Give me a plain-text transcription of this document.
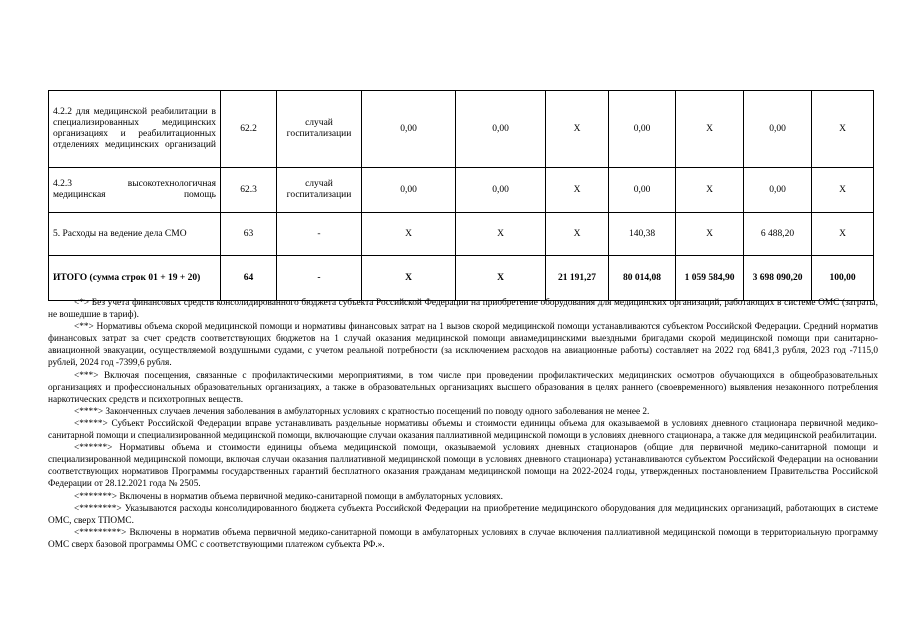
4.2.2 для медицинской реабилитации в специализированных медицинских организациях и реабилитационных отделениях медицинских организаций	62.2	случай госпитализации	0,00	0,00	X	0,00	X	0,00	X
4.2.3 высокотехнологичная медицинская помощь	62.3	случай госпитализации	0,00	0,00	X	0,00	X	0,00	X
5. Расходы на ведение дела СМО	63	-	X	X	X	140,38	X	6 488,20	X
ИТОГО (сумма строк 01 + 19 + 20)	64	-	X	X	21 191,27	80 014,08	1 059 584,90	3 698 090,20	100,00

<*> Без учета финансовых средств консолидированного бюджета субъекта Российской Федерации на приобретение оборудования для медицинских организаций, работающих в системе ОМС (затраты, не вошедшие в тариф).

<**> Нормативы объема скорой медицинской помощи и нормативы финансовых затрат на 1 вызов скорой медицинской помощи устанавливаются субъектом Российской Федерации. Средний норматив финансовых затрат за счет средств соответствующих бюджетов на 1 случай оказания медицинской помощи авиамедицинскими выездными бригадами скорой медицинской помощи при санитарно-авиационной эвакуации, осуществляемой воздушными судами, с учетом реальной потребности (за исключением расходов на авиационные работы) составляет на 2022 год 6841,3 рубля, 2023 год -7115,0 рублей, 2024 год -7399,6 рубля.

<***> Включая посещения, связанные с профилактическими мероприятиями, в том числе при проведении профилактических медицинских осмотров обучающихся в общеобразовательных организациях и профессиональных образовательных организациях, а также в образовательных организациях высшего образования в целях раннего (своевременного) выявления незаконного потребления наркотических средств и психотропных веществ.

<****> Законченных случаев лечения заболевания в амбулаторных условиях с кратностью посещений по поводу одного заболевания не менее 2.

<*****> Субъект Российской Федерации вправе устанавливать раздельные нормативы объемы и стоимости единицы объема для оказываемой в условиях дневного стационара первичной медико-санитарной помощи и специализированной медицинской помощи, включающие случаи оказания паллиативной медицинской помощи в условиях дневного стационара, а также для медицинской реабилитации.

<******> Нормативы объема и стоимости единицы объема медицинской помощи, оказываемой условиях дневных стационаров (общие для первичной медико-санитарной помощи и специализированной медицинской помощи, включая случаи оказания паллиативной медицинской помощи в условиях дневного стационара) устанавливаются субъектом Российской Федерации на основании соответствующих нормативов Программы государственных гарантий бесплатного оказания гражданам медицинской помощи на 2022-2024 годы, утвержденных постановлением Правительства Российской Федерации от 28.12.2021 года № 2505.

<*******> Включены в норматив объема первичной медико-санитарной помощи в амбулаторных условиях.

<********> Указываются расходы консолидированного бюджета субъекта Российской Федерации на приобретение медицинского оборудования для медицинских организаций, работающих в системе ОМС, сверх ТПОМС.

<*********> Включены в норматив объема первичной медико-санитарной помощи в амбулаторных условиях в случае включения паллиативной медицинской помощи в территориальную программу ОМС сверх базовой программы ОМС с соответствующими платежом субъекта РФ.».
